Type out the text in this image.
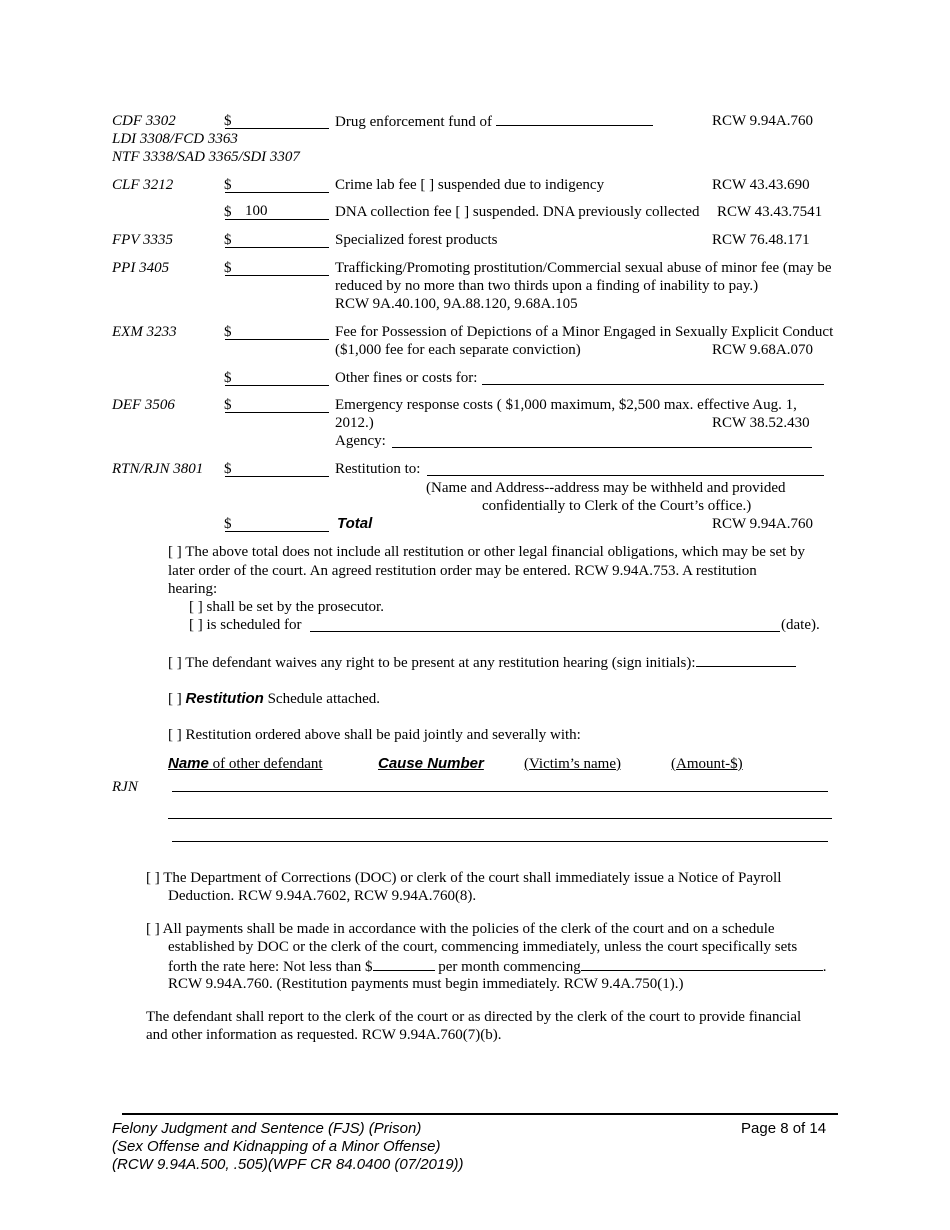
CDF 3302
LDI 3308/FCD 3363
NTF 3338/SAD 3365/SDI 3307
$	Drug enforcement fund of	RCW 9.94A.760
CLF 3212	$	Crime lab fee [ ] suspended due to indigency	RCW 43.43.690
$ 100	DNA collection fee [ ] suspended. DNA previously collected RCW 43.43.7541
FPV 3335	$	Specialized forest products	RCW 76.48.171
PPI 3405	$	Trafficking/Promoting prostitution/Commercial sexual abuse of minor fee (may be
reduced by no more than two thirds upon a finding of inability to pay.)
RCW 9A.40.100, 9A.88.120, 9.68A.105
EXM 3233	$	Fee for Possession of Depictions of a Minor Engaged in Sexually Explicit Conduct
($1,000 fee for each separate conviction)	RCW 9.68A.070
$	Other fines or costs for:
DEF 3506	$	Emergency response costs ( $1,000 maximum, $2,500 max. effective Aug. 1,
2012.)	RCW 38.52.430
Agency:
RTN/RJN 3801 $	Restitution to:
(Name and Address--address may be withheld and provided
confidentially to Clerk of the Court’s office.)
$	Total	RCW 9.94A.760
[ ] The above total does not include all restitution or other legal financial obligations, which may be set by
later order of the court. An agreed restitution order may be entered. RCW 9.94A.753. A restitution
hearing:
[ ] shall be set by the prosecutor.
[ ] is scheduled for	(date).
[ ] The defendant waives any right to be present at any restitution hearing (sign initials):
[ ] Restitution Schedule attached.
[ ] Restitution ordered above shall be paid jointly and severally with:
Name of other defendant	Cause Number	(Victim’s name)	(Amount-$)
RJN
[ ] The Department of Corrections (DOC) or clerk of the court shall immediately issue a Notice of Payroll
Deduction. RCW 9.94A.7602, RCW 9.94A.760(8).
[ ] All payments shall be made in accordance with the policies of the clerk of the court and on a schedule
established by DOC or the clerk of the court, commencing immediately, unless the court specifically sets
forth the rate here: Not less than $	per month commencing	.
RCW 9.94A.760. (Restitution payments must begin immediately. RCW 9.4A.750(1).)
The defendant shall report to the clerk of the court or as directed by the clerk of the court to provide financial
and other information as requested. RCW 9.94A.760(7)(b).
Felony Judgment and Sentence (FJS) (Prison)
(Sex Offense and Kidnapping of a Minor Offense)
(RCW 9.94A.500, .505)(WPF CR 84.0400 (07/2019))
Page 8 of 14
